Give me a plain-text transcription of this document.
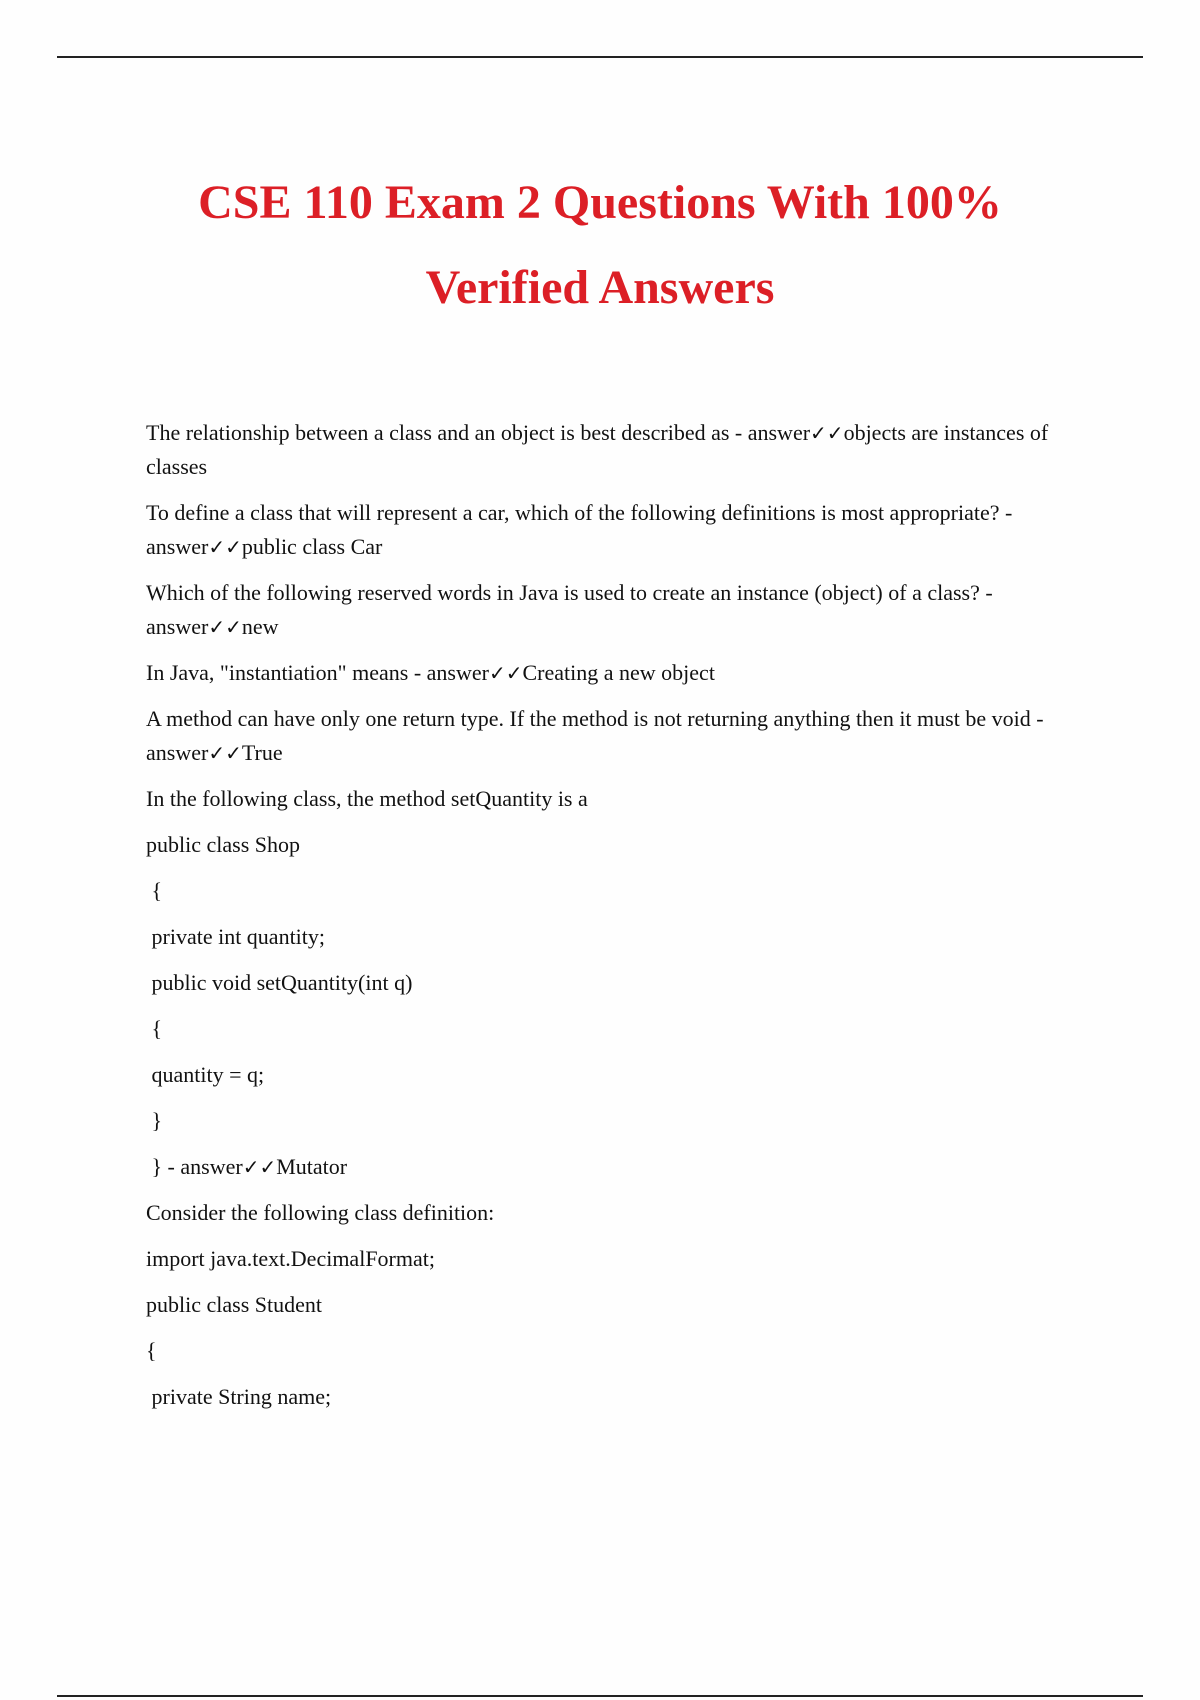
CSE 110 Exam 2 Questions With 100%
Verified Answers

The relationship between a class and an object is best described as - answer✓✓objects are instances of classes

To define a class that will represent a car, which of the following definitions is most appropriate? - answer✓✓public class Car

Which of the following reserved words in Java is used to create an instance (object) of a class? - answer✓✓new

In Java, "instantiation" means - answer✓✓Creating a new object

A method can have only one return type. If the method is not returning anything then it must be void - answer✓✓True

In the following class, the method setQuantity is a

public class Shop
{
private int quantity;
public void setQuantity(int q)
{
quantity = q;
}
} - answer✓✓Mutator

Consider the following class definition:

import java.text.DecimalFormat;
public class Student
{
private String name;
